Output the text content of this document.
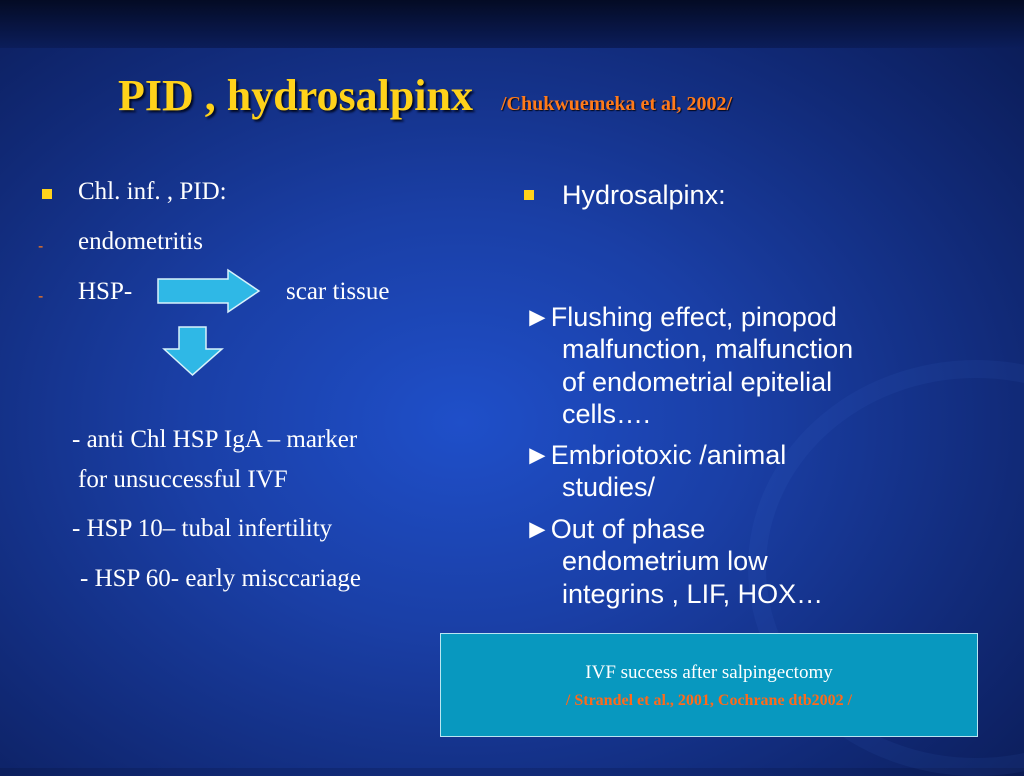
PID , hydrosalpinx /Chukwuemeka et al, 2002/
Chl. inf. , PID:
- endometritis
- HSP-	scar tissue
- anti Chl HSP IgA – marker
for unsuccessful IVF
- HSP 10– tubal infertility
- HSP 60- early misccariage
Hydrosalpinx:
►Flushing effect, pinopod
malfunction, malfunction
of endometrial epitelial
cells….
►Embriotoxic /animal
studies/
►Out of phase
endometrium low
integrins , LIF, HOX…
IVF success after salpingectomy
/ Strandel et al., 2001, Cochrane dtb2002 /
